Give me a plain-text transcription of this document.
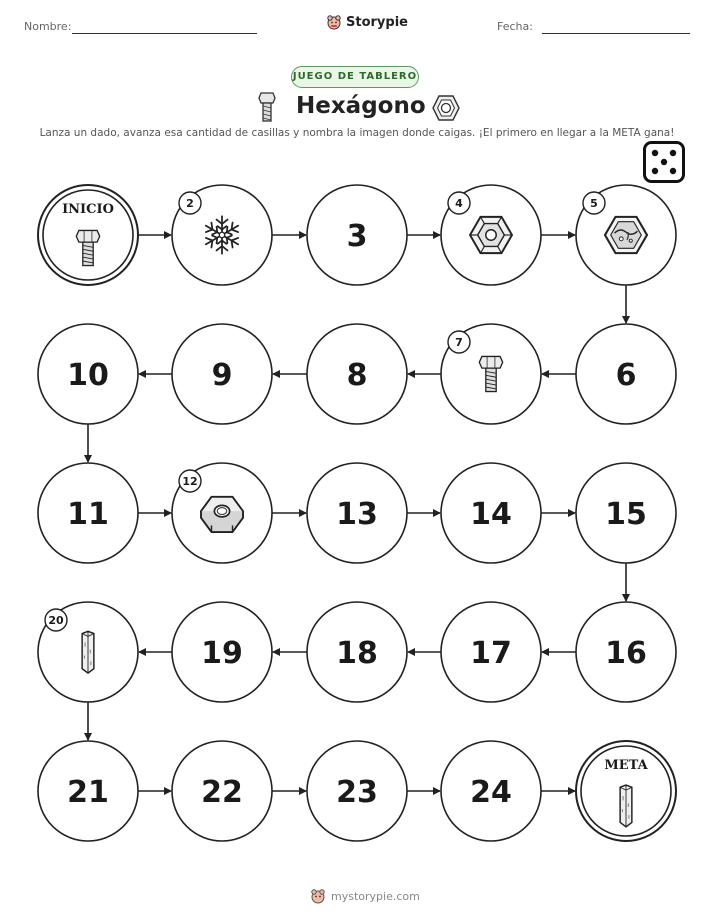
Nombre:	Storypie	Fecha:
JUEGO DE TABLERO
Hexágono
Lanza un dado, avanza esa cantidad de casillas y nombra la imagen donde caigas. ¡El primero en llegar a la META gana!
INICIO	2
3
4	5
6
7
8
9
10
11
12
13	14	15
16
17
18
19
20
21	22	23	24
META
mystorypie.com
